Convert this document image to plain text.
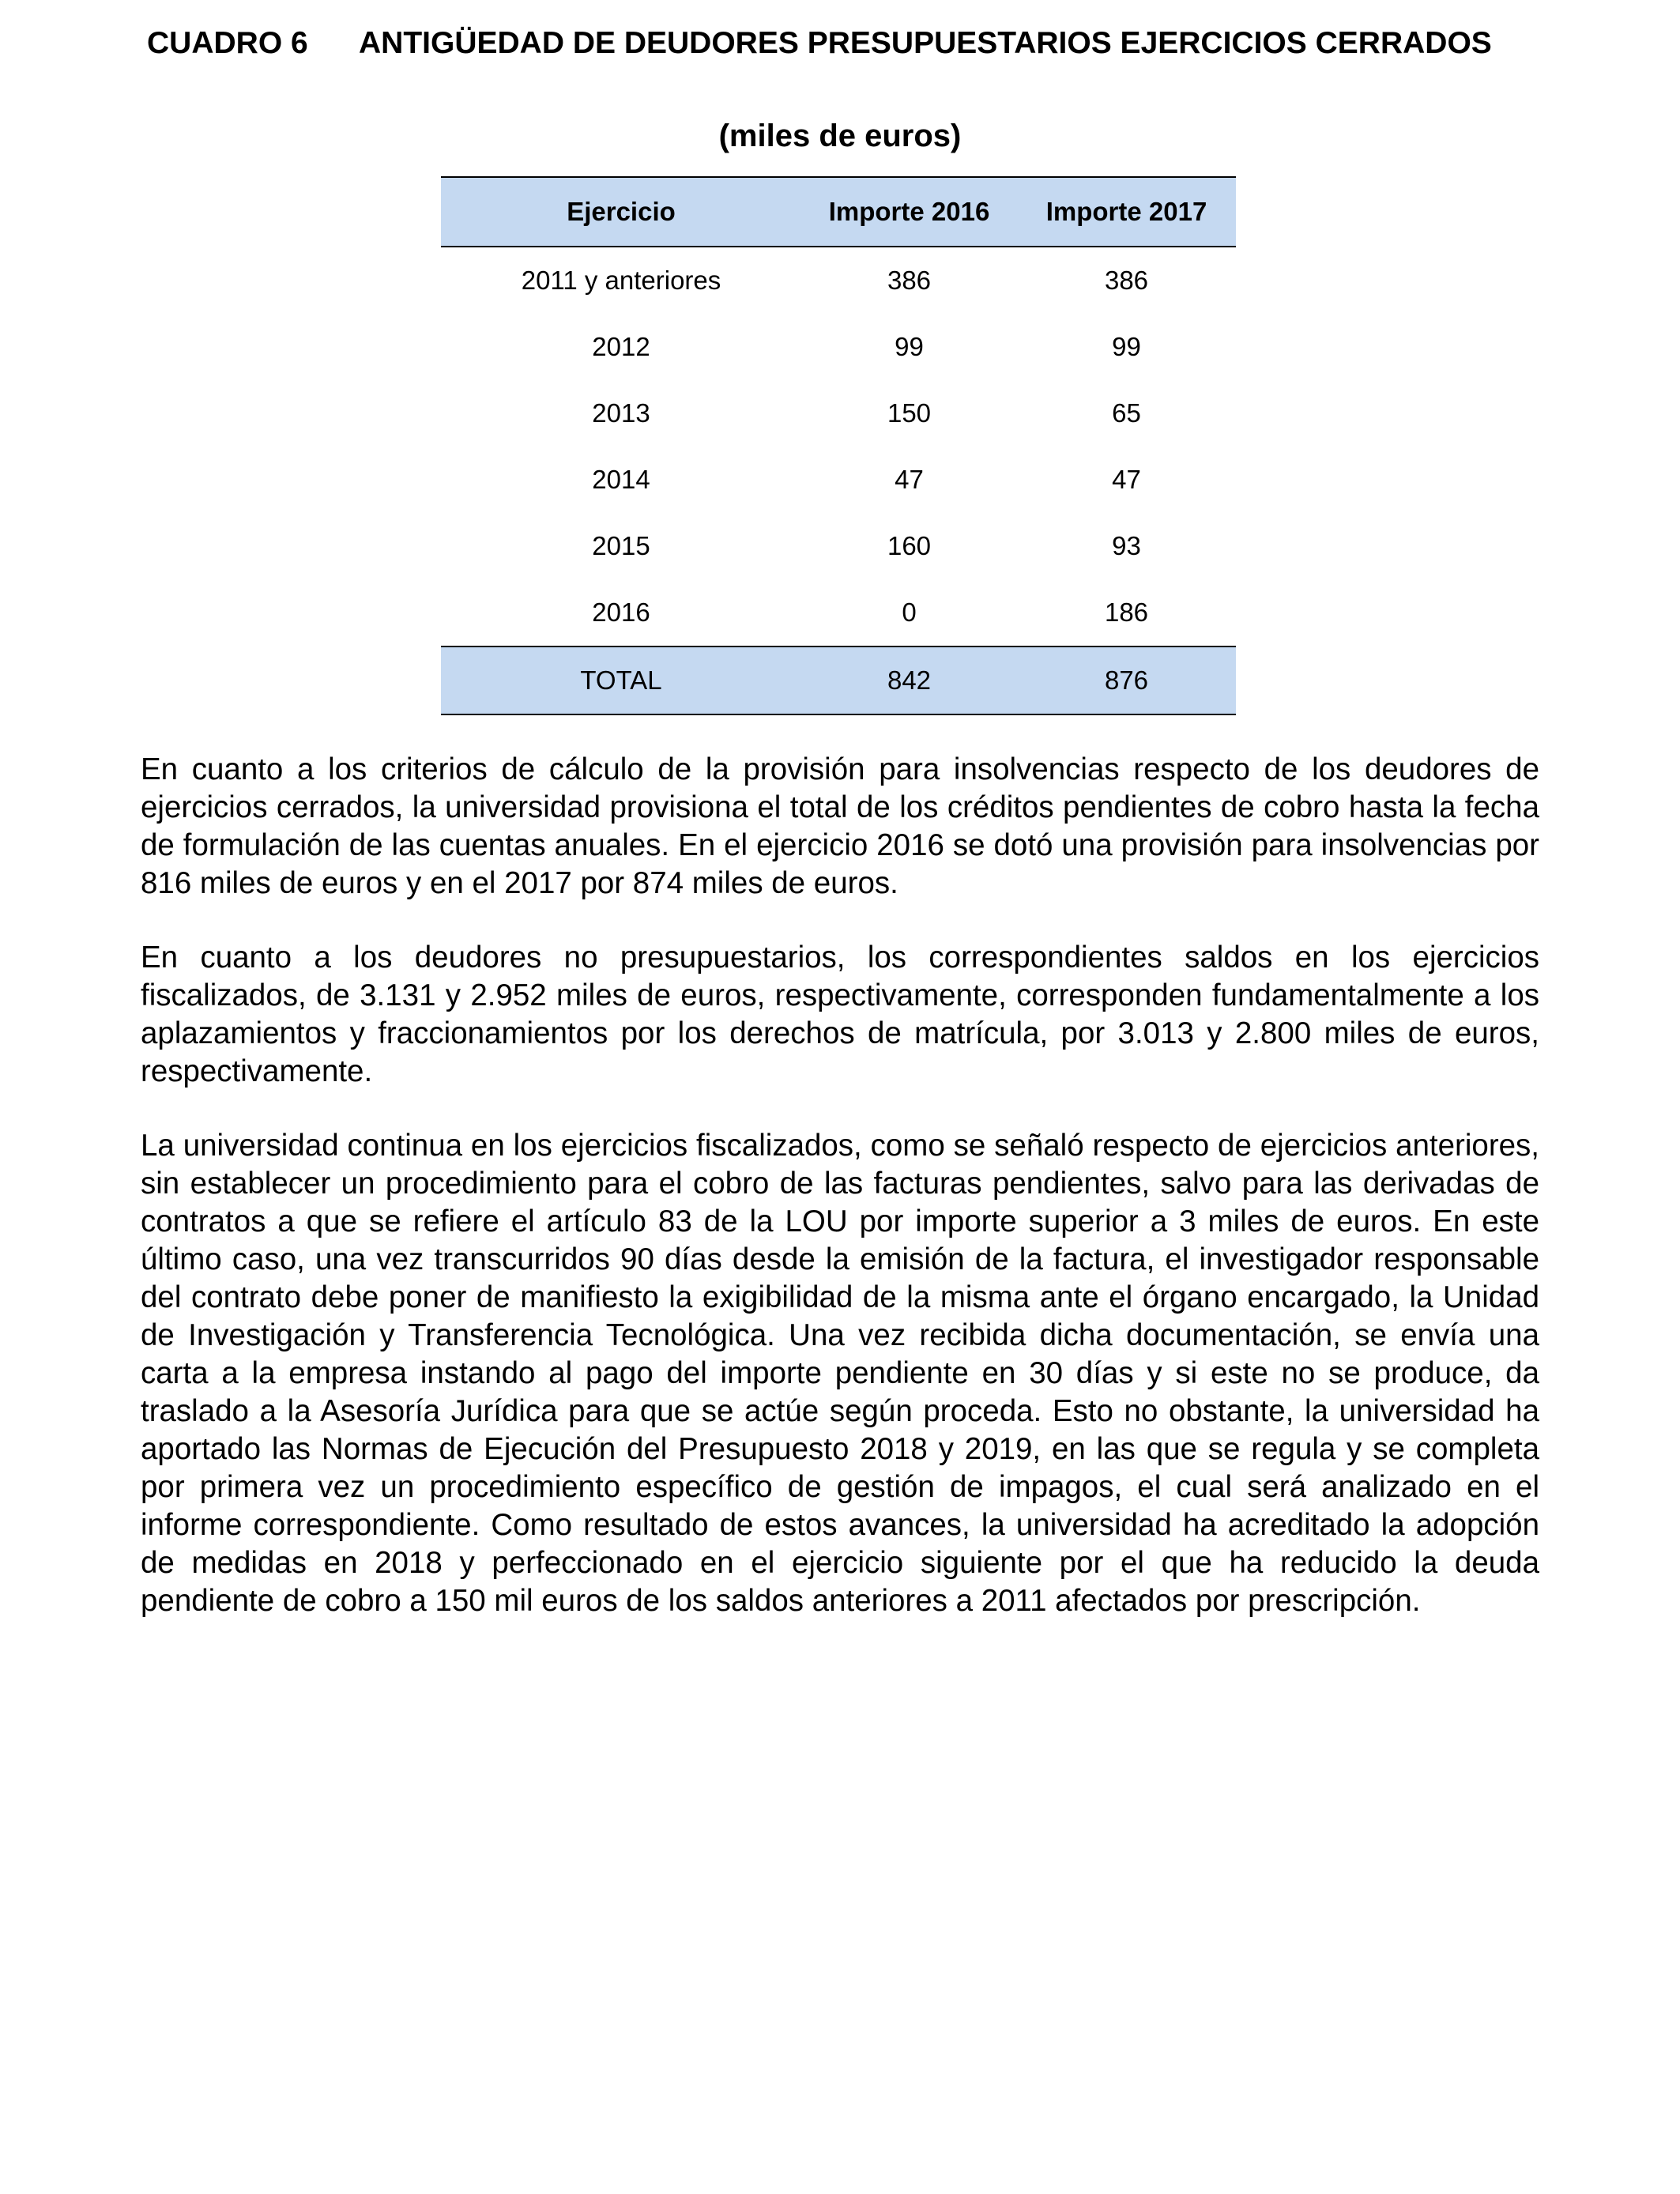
CUADRO 6 ANTIGÜEDAD DE DEUDORES PRESUPUESTARIOS EJERCICIOS CERRADOS
(miles de euros)
Ejercicio	Importe 2016	Importe 2017
2011 y anteriores	386	386
2012	99	99
2013	150	65
2014	47	47
2015	160	93
2016	0	186
TOTAL	842	876

En cuanto a los criterios de cálculo de la provisión para insolvencias respecto de los deudores de ejercicios cerrados, la universidad provisiona el total de los créditos pendientes de cobro hasta la fecha de formulación de las cuentas anuales. En el ejercicio 2016 se dotó una provisión para insolvencias por 816 miles de euros y en el 2017 por 874 miles de euros.

En cuanto a los deudores no presupuestarios, los correspondientes saldos en los ejercicios fiscalizados, de 3.131 y 2.952 miles de euros, respectivamente, corresponden fundamentalmente a los aplazamientos y fraccionamientos por los derechos de matrícula, por 3.013 y 2.800 miles de euros, respectivamente.

La universidad continua en los ejercicios fiscalizados, como se señaló respecto de ejercicios anteriores, sin establecer un procedimiento para el cobro de las facturas pendientes, salvo para las derivadas de contratos a que se refiere el artículo 83 de la LOU por importe superior a 3 miles de euros. En este último caso, una vez transcurridos 90 días desde la emisión de la factura, el investigador responsable del contrato debe poner de manifiesto la exigibilidad de la misma ante el órgano encargado, la Unidad de Investigación y Transferencia Tecnológica. Una vez recibida dicha documentación, se envía una carta a la empresa instando al pago del importe pendiente en 30 días y si este no se produce, da traslado a la Asesoría Jurídica para que se actúe según proceda. Esto no obstante, la universidad ha aportado las Normas de Ejecución del Presupuesto 2018 y 2019, en las que se regula y se completa por primera vez un procedimiento específico de gestión de impagos, el cual será analizado en el informe correspondiente. Como resultado de estos avances, la universidad ha acreditado la adopción de medidas en 2018 y perfeccionado en el ejercicio siguiente por el que ha reducido la deuda pendiente de cobro a 150 mil euros de los saldos anteriores a 2011 afectados por prescripción.
